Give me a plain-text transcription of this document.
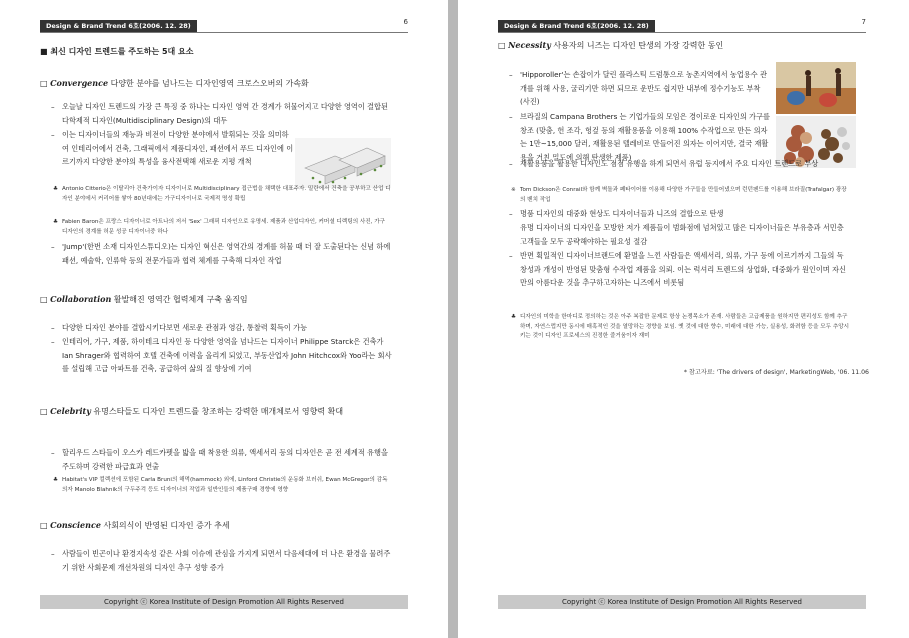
Design & Brand Trend 6호(2006. 12. 28)	6
■ 최신 디자인 트렌드를 주도하는 5대 요소
□ Convergence 다양한 분야를 넘나드는 디자인영역 크로스오버의 가속화
– 오늘날 디자인 트렌드의 가장 큰 특징 중 하나는 디자인 영역 간 경계가 허물어지고 다양한 영역이 결합된 다학제적 디자인(Multidisciplinary Design)의 대두
– 이는 디자이너들의 재능과 비전이 다양한 분야에서 발휘되는 것을 의미하여 인테리어에서 건축, 그래픽에서 제품디자인, 패션에서 푸드 디자인에 이르기까지 다양한 분야의 특성을 융사전택해 새로운 지평 개척
♣ Antonio Citterio은 이탈리아 건축가이자 디자이너로 Multidisciplinary 접근법을 채택한 대표주자. 밀란에서 건축을 공부하고 산업 디자인 분야에서 커리어를 쌓아 80년대에는 가구디자이너로 국제적 명성 확립
♣ Fabien Baron은 프랑스 디자이너로 아트나의 저서 'Sex' 그래픽 디자인으로 유명세. 제품과 산업디자인, 커머셜 디렉팅의 사진, 가구 디자인의 경계를 허문 성공 디자이너중 하나
– 'Jump'(한번 소재 디자인스튜디오)는 디자인 혁신은 영역간의 경계를 허물 때 더 잘 도출된다는 신념 하에 패션, 예술학, 인류학 등의 전문가들과 협력 체계를 구축해 디자인 작업
□ Collaboration 활발해진 영역간 협력체계 구축 움직임
– 다양한 디자인 분야를 결합시키다보면 새로운 관점과 영감, 통찰력 획득이 가능
– 인테리어, 가구, 제품, 하이테크 디자인 등 다양한 영역을 넘나드는 디자이너 Philippe Starck은 건축가 Ian Shrager와 협력하여 호텔 건축에 이력을 올리게 되었고, 부동산업자 John Hitchcox와 Yoo라는 회사를 설립해 고급 아파트를 건축, 공급하여 삶의 질 향상에 기여
□ Celebrity 유명스타들도 디자인 트렌드를 창조하는 강력한 매개체로서 영향력 확대
– 할리우드 스타들이 오스카 레드카펫을 밟을 때 착용한 의류, 액세서리 등의 디자인은 곧 전 세계적 유행을 주도하며 강력한 파급효과 연출
♣ Habitat's VIP 컬렉션에 포함된 Carla Bruni의 해먹(hammock) 외에, Linford Christie의 운동화 브러쉬, Ewan McGregor의 감독의자 Manolo Blahnik의 구두주걱 등도 디자이너의 작업과 일반인들의 제품구매 경향에 영향
□ Conscience 사회의식이 반영된 디자인 증가 추세
– 사람들이 빈곤이나 환경지속성 같은 사회 이슈에 관심을 가지게 되면서 다음세대에 더 나은 환경을 물려주기 위한 사회문제 개선차원의 디자인 추구 성향 증가
Copyright ⓒ Korea Institute of Design Promotion All Rights Reserved
Design & Brand Trend 6호(2006. 12. 28)	7
□ Necessity 사용자의 니즈는 디자인 탄생의 가장 강력한 동인
– 'Hipporoller'는 손잡이가 달린 플라스틱 드럼통으로 농촌지역에서 농업용수 관개를 위해 사용, 굴리기만 하면 되므로 운반도 쉽지만 내부에 정수기능도 부착 (사진)
– 브라질의 Campana Brothers 는 기업가들의 모임은 경이로운 디자인의 가구를 창조 (맞춤, 헌 조각, 헝겊 등의 재활용품을 이용해 100% 수작업으로 만든 의자는 1만~15,000 달러, 재활용된 텔레비로 만들어진 의자는 이어지만, 결국 재활용을 거친 밀도에 의해 탄생한 제품)
– 재활용품을 활용한 디자인도 점점 유행을 하게 되면서 유럽 등지에서 주요 디자인 트렌드로 부상
※ Tom Dickson은 Conrail와 함께 벽돌과 폐타이어를 이용해 다양한 가구들을 만들어냈으며 런던펜드를 이용해 브라질(Trafalgar) 광장의 벤치 작업
– 명품 디자인의 대중화 현상도 디자이너들과 니즈의 결합으로 탄생
유명 디자이너의 디자인을 모방한 저가 제품들이 범화점에 넘쳐있고 많은 디자이너들은 부유층과 서민층 고객들을 모두 공략해야하는 필요성 절감
– 반면 획일적인 디자이너브랜드에 환멸을 느낀 사람들은 액세서리, 의류, 가구 등에 이르기까지 그들의 독창성과 개성이 반영된 맞춤형 수작업 제품을 의뢰. 이는 럭셔리 트렌드의 상업화, 대중화가 원인이며 자신만의 아름다운 것을 추구하고자하는 니즈에서 비롯됨
♣ 디자인의 미학을 한마디로 정의하는 것은 아주 복잡한 문제로 항상 논쟁목소가 존재. 사람들은 고급제품을 원하지만 편리성도 함께 추구하며, 자연스럽지만 동시에 매혹적인 것을 열망하는 경향을 보임. 옛 것에 대한 향수, 미래에 대한 가능, 실용성, 화려함 등을 모두 추앙시키는 것이 디자인 프로세스의 진정한 즐거움이자 재미
* 참고자료: 'The drivers of design', MarketingWeb, '06. 11.06
Copyright ⓒ Korea Institute of Design Promotion All Rights Reserved
